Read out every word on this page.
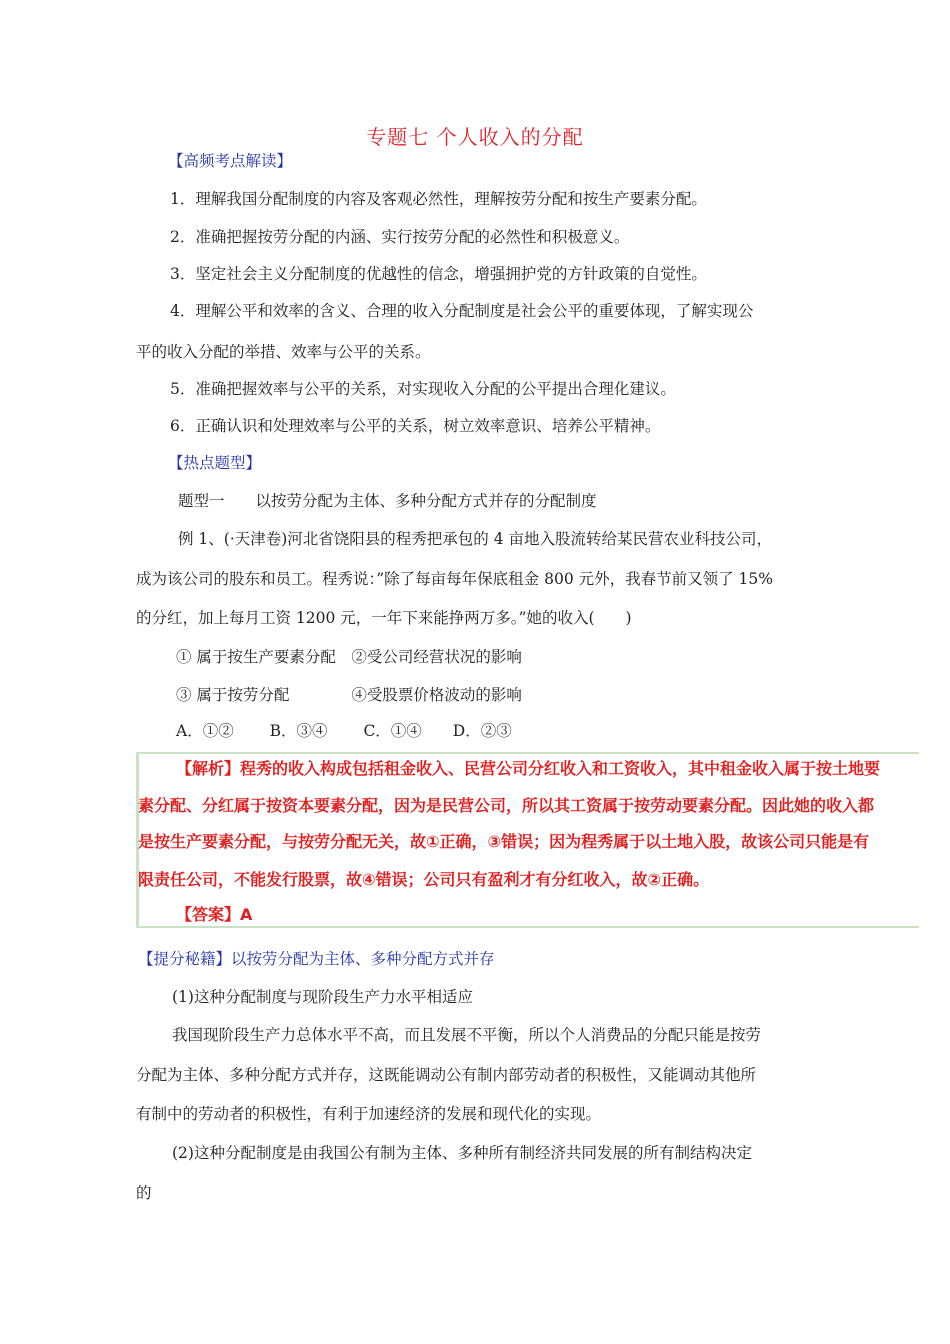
专题七 个人收入的分配
【高频考点解读】
1．理解我国分配制度的内容及客观必然性，理解按劳分配和按生产要素分配。
2．准确把握按劳分配的内涵、实行按劳分配的必然性和积极意义。
3．坚定社会主义分配制度的优越性的信念，增强拥护党的方针政策的自觉性。
4．理解公平和效率的含义、合理的收入分配制度是社会公平的重要体现，了解实现公
平的收入分配的举措、效率与公平的关系。
5．准确把握效率与公平的关系，对实现收入分配的公平提出合理化建议。
6．正确认识和处理效率与公平的关系，树立效率意识、培养公平精神。
【热点题型】
题型一　　以按劳分配为主体、多种分配方式并存的分配制度
例 1、(·天津卷)河北省饶阳县的程秀把承包的 4 亩地入股流转给某民营农业科技公司，
成为该公司的股东和员工。程秀说：”除了每亩每年保底租金 800 元外，我春节前又领了 15%
的分红，加上每月工资 1200 元，一年下来能挣两万多。”她的收入(　　)
① 属于按生产要素分配　②受公司经营状况的影响
③ 属于按劳分配　　　　④受股票价格波动的影响
A．①②　　 B．③④　　 C．①④　　D．②③
【解析】程秀的收入构成包括租金收入、民营公司分红收入和工资收入，其中租金收入属于按土地要
素分配、分红属于按资本要素分配，因为是民营公司，所以其工资属于按劳动要素分配。因此她的收入都
是按生产要素分配，与按劳分配无关，故①正确，③错误；因为程秀属于以土地入股，故该公司只能是有
限责任公司，不能发行股票，故④错误；公司只有盈利才有分红收入，故②正确。
【答案】A
【提分秘籍】以按劳分配为主体、多种分配方式并存
(1)这种分配制度与现阶段生产力水平相适应
我国现阶段生产力总体水平不高，而且发展不平衡，所以个人消费品的分配只能是按劳
分配为主体、多种分配方式并存，这既能调动公有制内部劳动者的积极性，又能调动其他所
有制中的劳动者的积极性，有利于加速经济的发展和现代化的实现。
(2)这种分配制度是由我国公有制为主体、多种所有制经济共同发展的所有制结构决定
的
